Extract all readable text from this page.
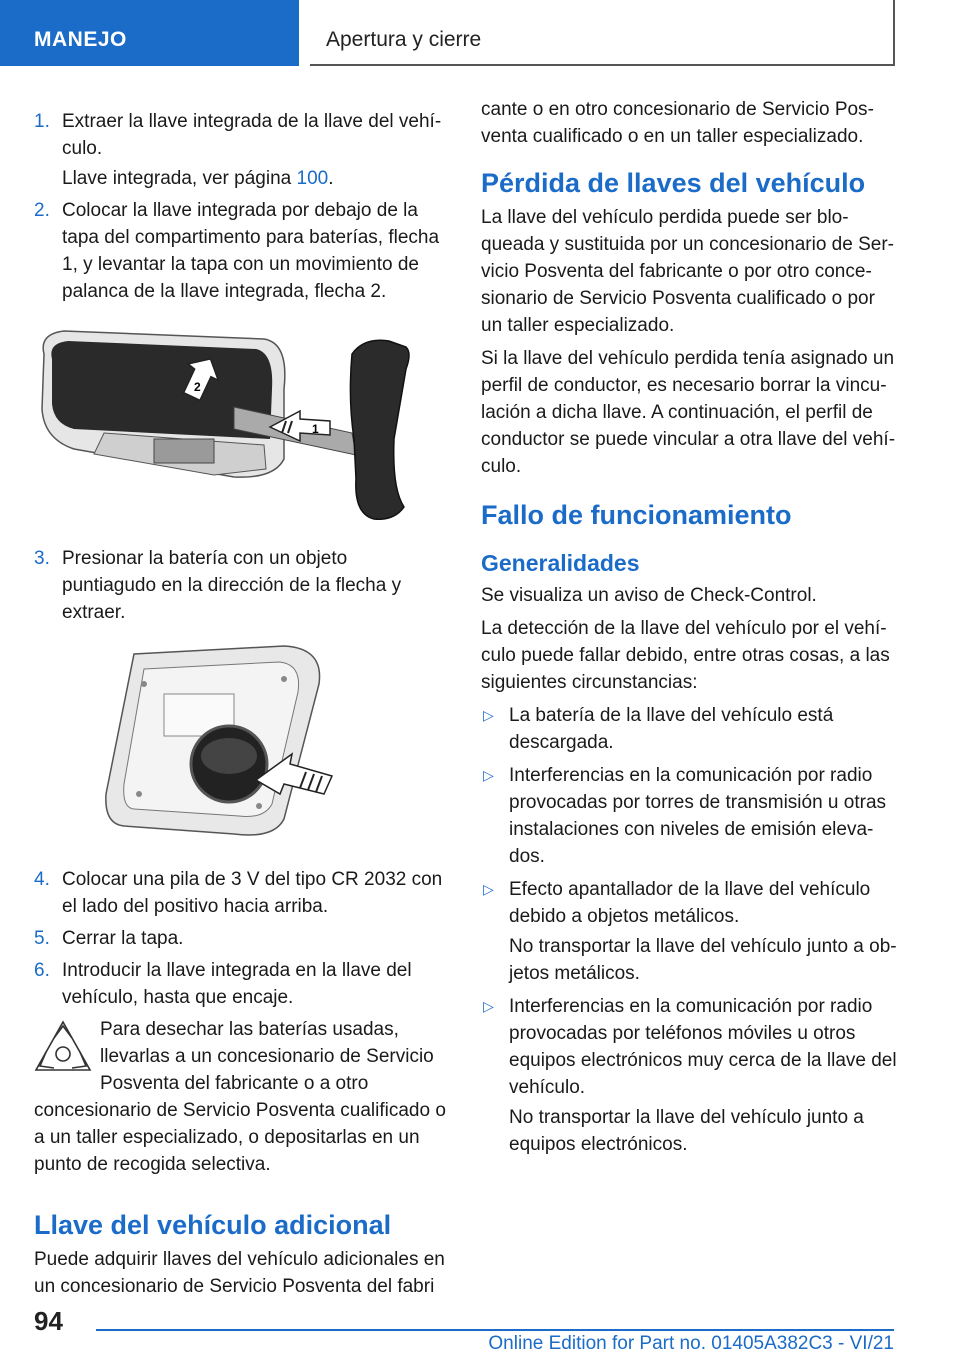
MANEJO	Apertura y cierre
1. Extraer la llave integrada de la llave del vehículo.
Llave integrada, ver página 100.
2. Colocar la llave integrada por debajo de la tapa del compartimento para baterías, flecha 1, y levantar la tapa con un movimiento de palanca de la llave integrada, flecha 2.
1
2
3. Presionar la batería con un objeto puntiagudo en la dirección de la flecha y extraer.
4. Colocar una pila de 3 V del tipo CR 2032 con el lado del positivo hacia arriba.
5. Cerrar la tapa.
6. Introducir la llave integrada en la llave del vehículo, hasta que encaje.
Para desechar las baterías usadas, llevarlas a un concesionario de Servicio Posventa del fabricante o a otro concesionario de Servicio Posventa cualificado o a un taller especializado, o depositarlas en un punto de recogida selectiva.
Llave del vehículo adicional

Puede adquirir llaves del vehículo adicionales en un concesionario de Servicio Posventa del fabri

cante o en otro concesionario de Servicio Posventa cualificado o en un taller especializado.

Pérdida de llaves del vehículo

La llave del vehículo perdida puede ser bloqueada y sustituida por un concesionario de Servicio Posventa del fabricante o por otro concesionario de Servicio Posventa cualificado o por un taller especializado.

Si la llave del vehículo perdida tenía asignado un perfil de conductor, es necesario borrar la vinculación a dicha llave. A continuación, el perfil de conductor se puede vincular a otra llave del vehículo.

Fallo de funcionamiento
Generalidades

Se visualiza un aviso de Check-Control.

La detección de la llave del vehículo por el vehículo puede fallar debido, entre otras cosas, a las siguientes circunstancias:

▷ La batería de la llave del vehículo está descargada.
▷ Interferencias en la comunicación por radio provocadas por torres de transmisión u otras instalaciones con niveles de emisión elevados.
▷ Efecto apantallador de la llave del vehículo debido a objetos metálicos.
No transportar la llave del vehículo junto a objetos metálicos.
▷ Interferencias en la comunicación por radio provocadas por teléfonos móviles u otros equipos electrónicos muy cerca de la llave del vehículo.
No transportar la llave del vehículo junto a equipos electrónicos.
94
Online Edition for Part no. 01405A382C3 - VI/21
